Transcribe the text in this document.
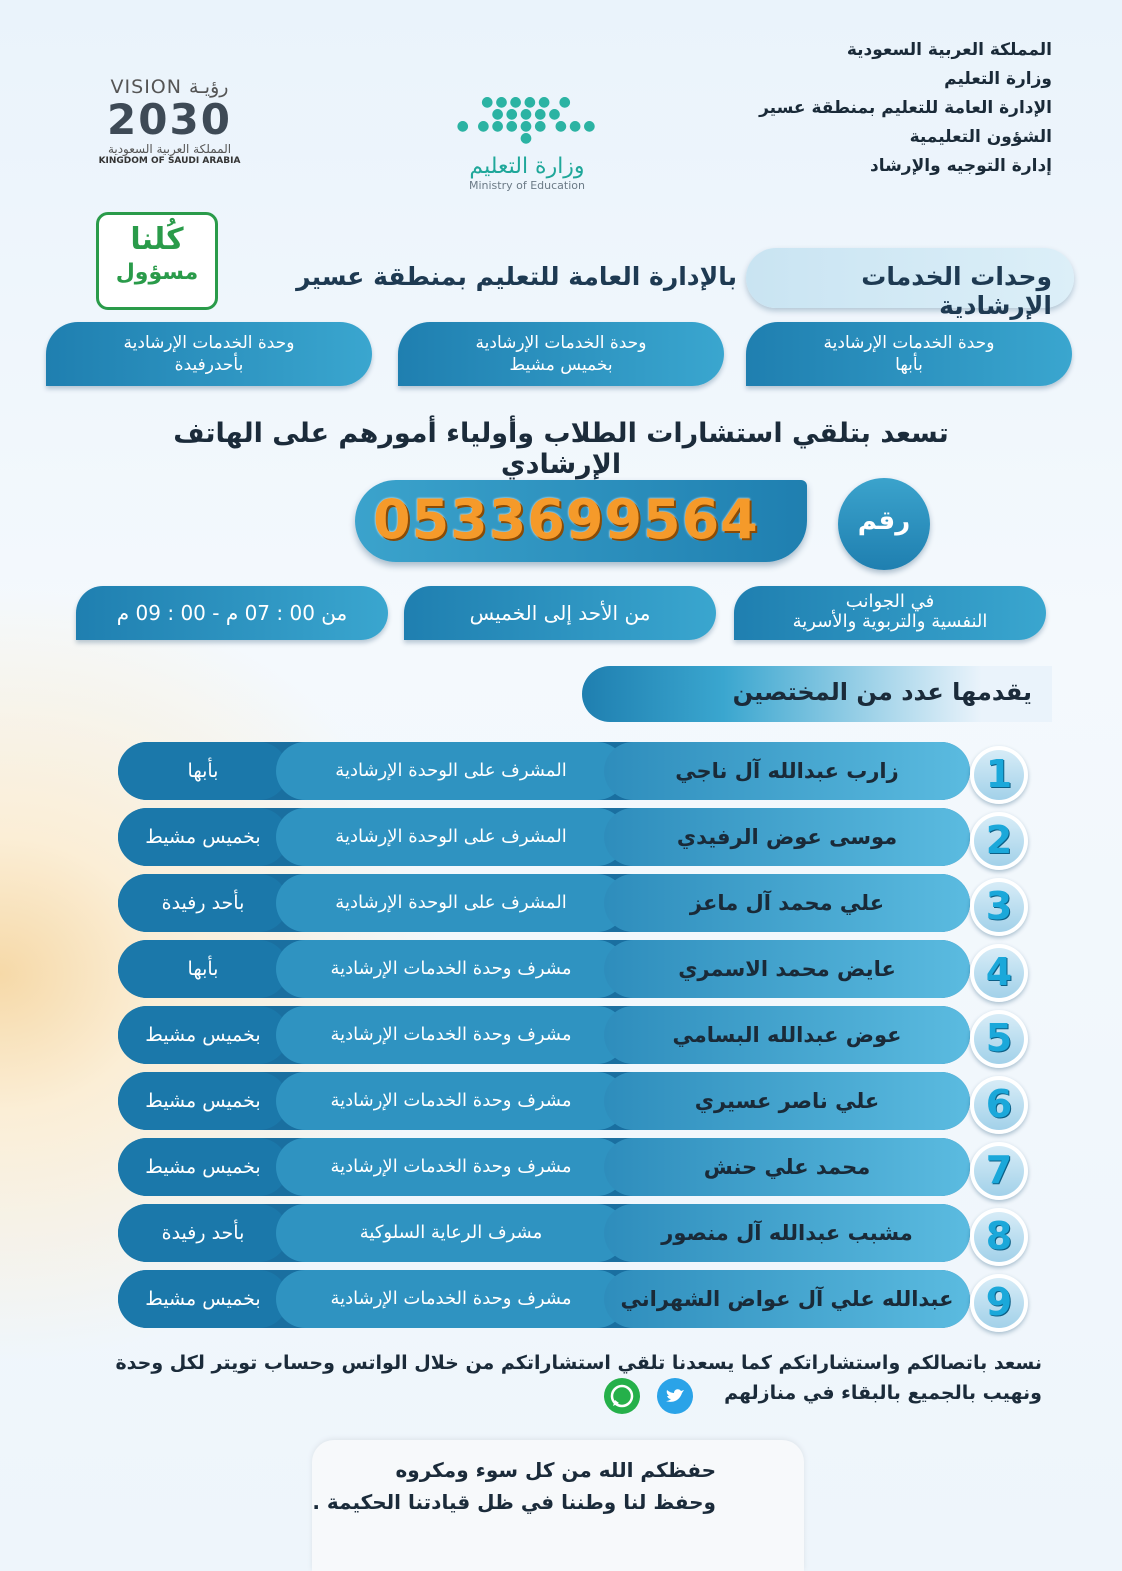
المملكة العربية السعودية
وزارة التعليم
الإدارة العامة للتعليم بمنطقة عسير
الشؤون التعليمية
إدارة التوجيه والإرشاد
●●●●● ● ●●●●●
● ●●●●● ●●● ●
وزارة التعليم
Ministry of Education
VISION رؤيـة
2030
المملكة العربية السعودية
KINGDOM OF SAUDI ARABIA
كُلنا
مسؤول	وحدات الخدمات الإرشادية
بالإدارة العامة للتعليم بمنطقة عسير
وحدة الخدمات الإرشادية
بأبها
وحدة الخدمات الإرشادية
بخميس مشيط
وحدة الخدمات الإرشادية
بأحدرفيدة
تسعد بتلقي استشارات الطلاب وأولياء أمورهم على الهاتف الإرشادي
0533699564	رقم
في الجوانب
النفسية والتربوية والأسرية
من الأحد إلى الخميس
من 00 : 07 م - 00 : 09 م
يقدمها عدد من المختصين
بأبها	المشرف على الوحدة الإرشادية	زارب عبدالله آل ناجي	1
بخميس مشيط	المشرف على الوحدة الإرشادية	موسى عوض الرفيدي	2
بأحد رفيدة	المشرف على الوحدة الإرشادية	علي محمد آل ماعز	3
بأبها	مشرف وحدة الخدمات الإرشادية	عايض محمد الاسمري	4
بخميس مشيط	مشرف وحدة الخدمات الإرشادية	عوض عبدالله البسامي	5
بخميس مشيط	مشرف وحدة الخدمات الإرشادية	علي ناصر عسيري	6
بخميس مشيط	مشرف وحدة الخدمات الإرشادية	محمد علي حنش	7
بأحد رفيدة	مشرف الرعاية السلوكية	مشبب عبدالله آل منصور	8
بخميس مشيط	مشرف وحدة الخدمات الإرشادية	عبدالله علي آل عواض الشهراني 9
نسعد باتصالكم واستشاراتكم كما يسعدنا تلقي استشاراتكم من خلال الواتس وحساب تويتر لكل وحدة
ونهيب بالجميع بالبقاء في منازلهم

حفظكم الله من كل سوء ومكروه
وحفظ لنا وطننا في ظل قيادتنا الحكيمة .
